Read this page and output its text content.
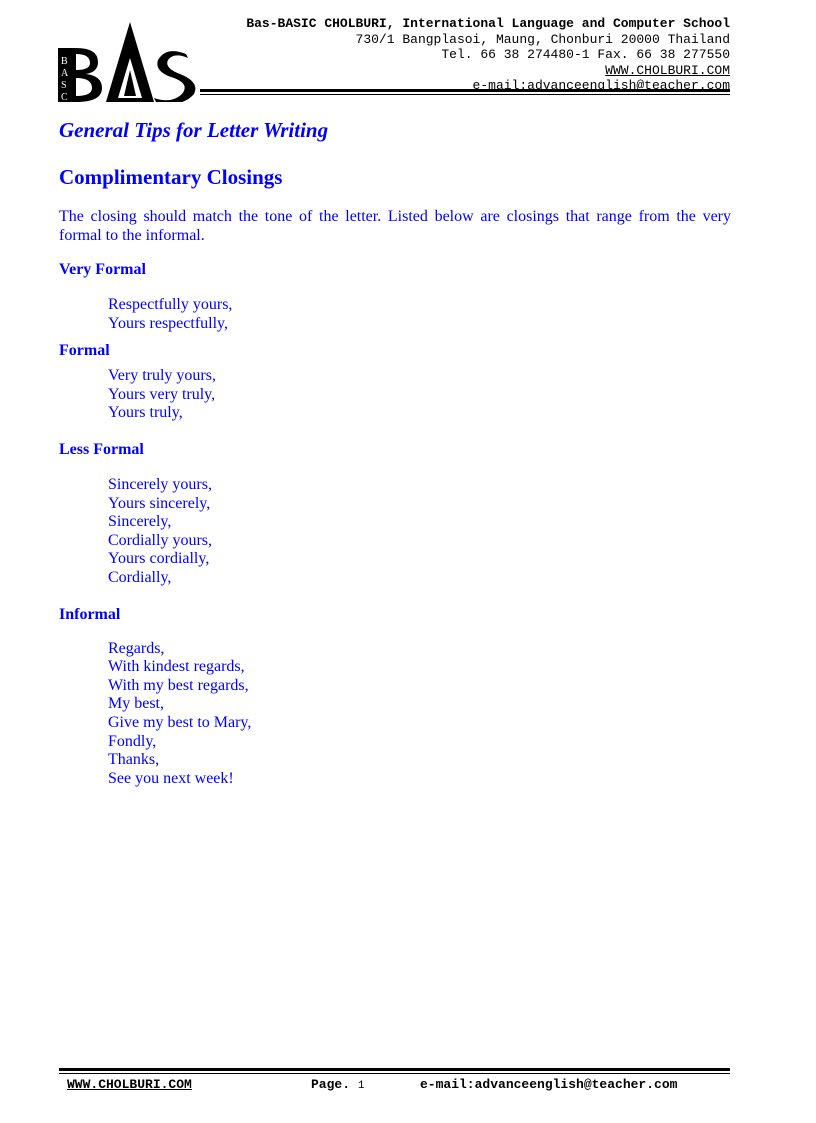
B
A
S
C
Bas-BASIC CHOLBURI, International Language and Computer School
730/1 Bangplasoi, Maung, Chonburi 20000 Thailand
Tel. 66 38 274480-1 Fax. 66 38 277550
WWW.CHOLBURI.COM
e-mail:advanceenglish@teacher.com
General Tips for Letter Writing
Complimentary Closings

The closing should match the tone of the letter. Listed below are closings that range from the very formal to the informal.

Very Formal
Respectfully yours,
Yours respectfully,
Formal
Very truly yours,
Yours very truly,
Yours truly,
Less Formal
Sincerely yours,
Yours sincerely,
Sincerely,
Cordially yours,
Yours cordially,
Cordially,
Informal
Regards,
With kindest regards,
With my best regards,
My best,
Give my best to Mary,
Fondly,
Thanks,
See you next week!
WWW.CHOLBURI.COM	Page. 1	e-mail:advanceenglish@teacher.com
